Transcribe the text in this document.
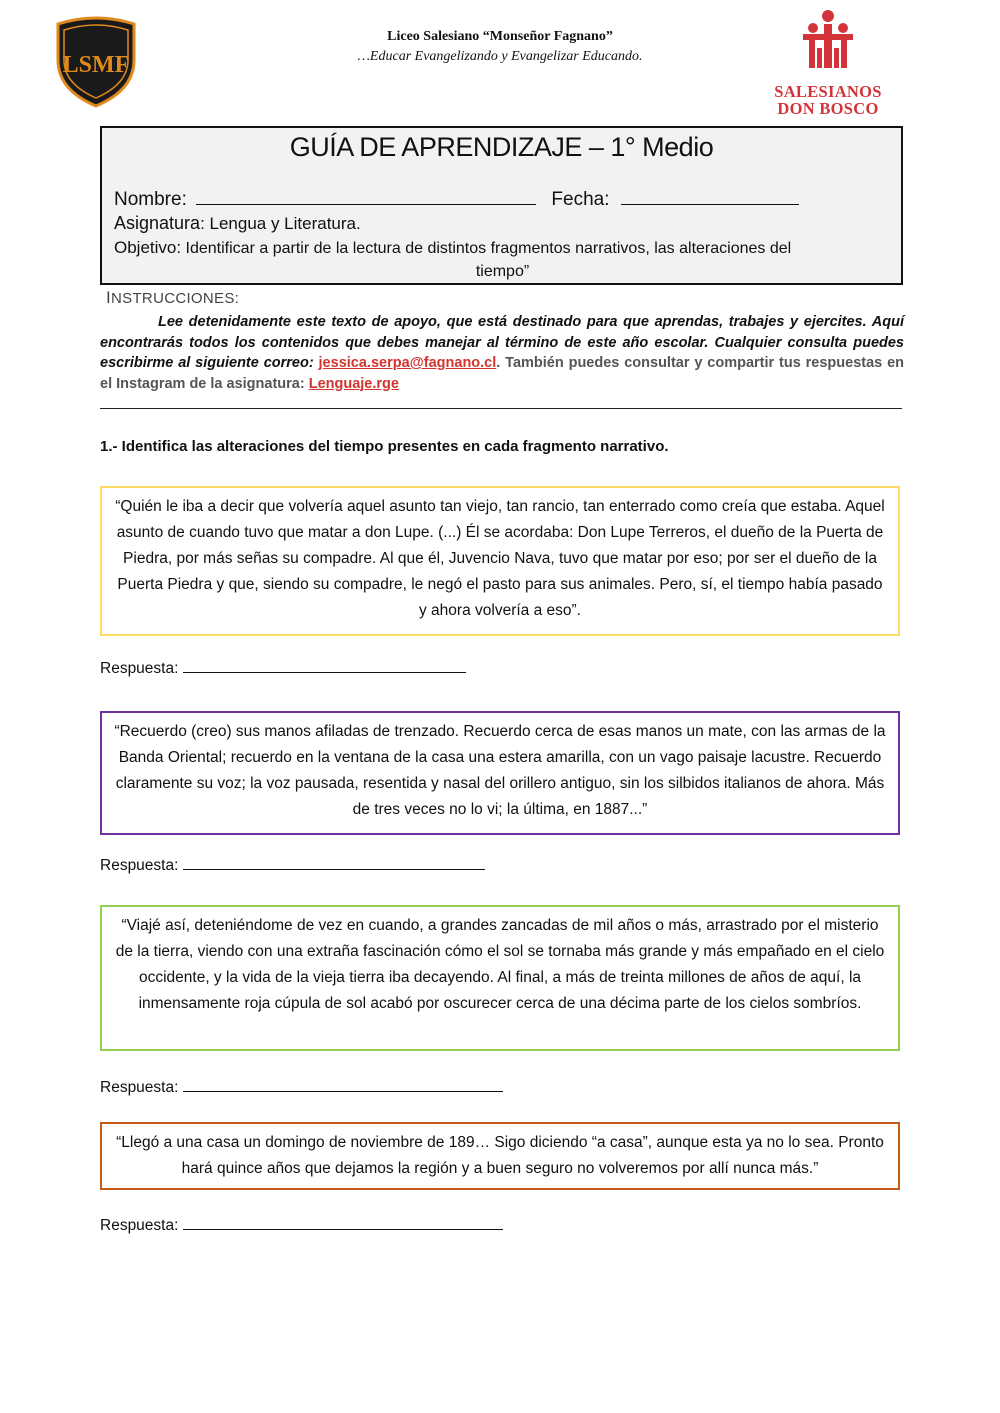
LSMF
Liceo Salesiano “Monseñor Fagnano”
…Educar Evangelizando y Evangelizar Educando.
SALESIANOS
DON BOSCO
GUÍA DE APRENDIZAJE – 1° Medio
Nombre:	Fecha:
Asignatura: Lengua y Literatura.
Objetivo: Identificar a partir de la lectura de distintos fragmentos narrativos, las alteraciones del
tiempo”
INSTRUCCIONES:
Lee detenidamente este texto de apoyo, que está destinado para que aprendas, trabajes y ejercites. Aquí encontrarás todos los contenidos que debes manejar al término de este año escolar. Cualquier consulta puedes escribirme al siguiente correo: jessica.serpa@fagnano.cl. También puedes consultar y compartir tus respuestas en el Instagram de la asignatura: Lenguaje.rge
1.- Identifica las alteraciones del tiempo presentes en cada fragmento narrativo.
“Quién le iba a decir que volvería aquel asunto tan viejo, tan rancio, tan enterrado como creía que estaba. Aquel asunto de cuando tuvo que matar a don Lupe. (...) Él se acordaba: Don Lupe Terreros, el dueño de la Puerta de Piedra, por más señas su compadre. Al que él, Juvencio Nava, tuvo que matar por eso; por ser el dueño de la Puerta Piedra y que, siendo su compadre, le negó el pasto para sus animales. Pero, sí, el tiempo había pasado y ahora volvería a eso”.
Respuesta:
“Recuerdo (creo) sus manos afiladas de trenzado. Recuerdo cerca de esas manos un mate, con las armas de la Banda Oriental; recuerdo en la ventana de la casa una estera amarilla, con un vago paisaje lacustre. Recuerdo claramente su voz; la voz pausada, resentida y nasal del orillero antiguo, sin los silbidos italianos de ahora. Más de tres veces no lo vi; la última, en 1887...”
Respuesta:
“Viajé así, deteniéndome de vez en cuando, a grandes zancadas de mil años o más, arrastrado por el misterio de la tierra, viendo con una extraña fascinación cómo el sol se tornaba más grande y más empañado en el cielo occidente, y la vida de la vieja tierra iba decayendo. Al final, a más de treinta millones de años de aquí, la inmensamente roja cúpula de sol acabó por oscurecer cerca de una décima parte de los cielos sombríos.
Respuesta:
“Llegó a una casa un domingo de noviembre de 189… Sigo diciendo “a casa”, aunque esta ya no lo sea. Pronto hará quince años que dejamos la región y a buen seguro no volveremos por allí nunca más.”
Respuesta:
